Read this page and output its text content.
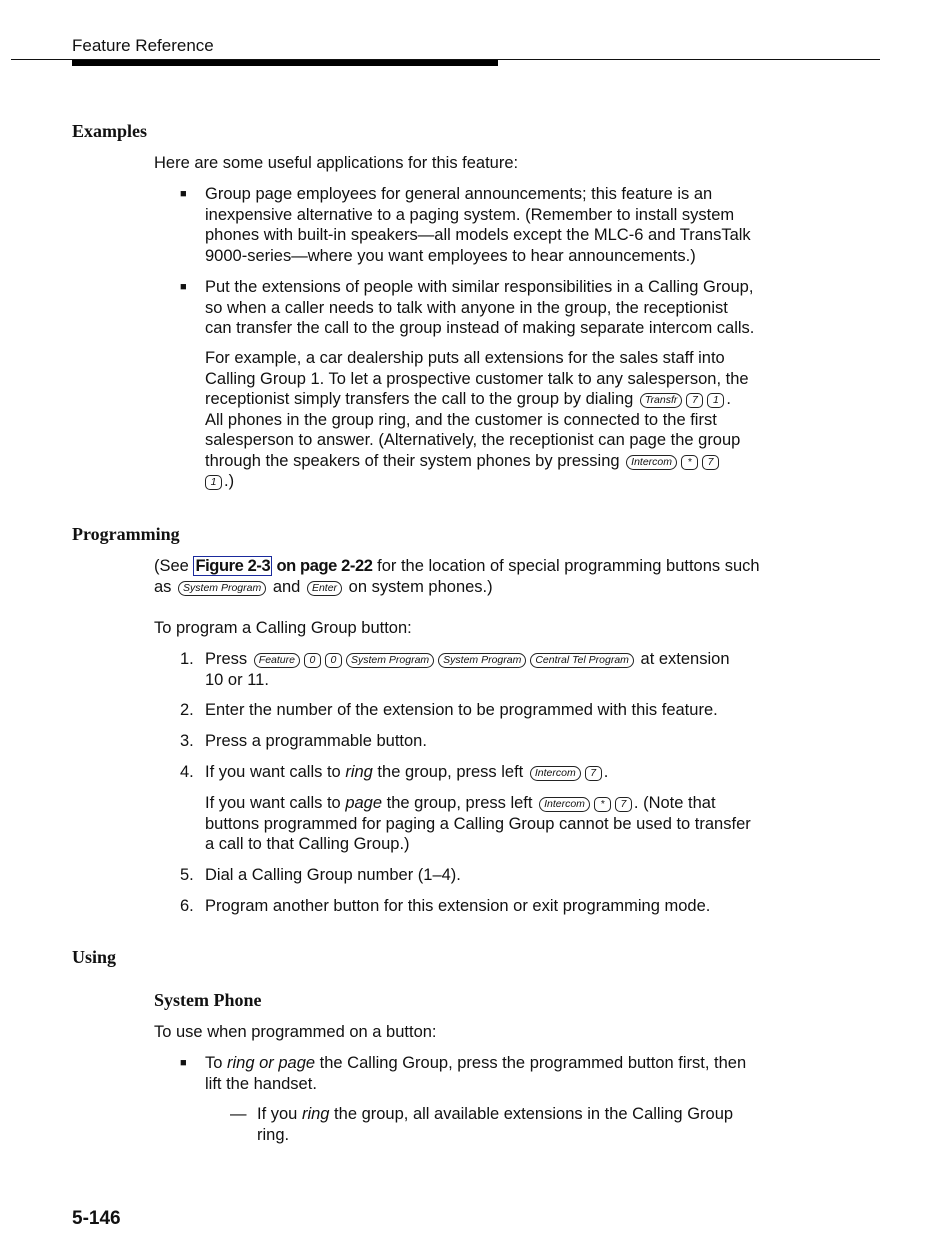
Feature Reference
Examples
Here are some useful applications for this feature:
■ Group page employees for general announcements; this feature is an
inexpensive alternative to a paging system. (Remember to install system
phones with built-in speakers—all models except the MLC-6 and TransTalk
9000-series—where you want employees to hear announcements.)
■ Put the extensions of people with similar responsibilities in a Calling Group,
so when a caller needs to talk with anyone in the group, the receptionist
can transfer the call to the group instead of making separate intercom calls.
For example, a car dealership puts all extensions for the sales staff into
Calling Group 1. To let a prospective customer talk to any salesperson, the
receptionist simply transfers the call to the group by dialing Transfr 7 1 .
All phones in the group ring, and the customer is connected to the first
salesperson to answer. (Alternatively, the receptionist can page the group
through the speakers of their system phones by pressing Intercom * 7
1 .)
Programming
(See Figure 2-3 on page 2-22 for the location of special programming buttons such
as System Program and Enter on system phones.)
To program a Calling Group button:
1. Press Feature 0 0 System Program System Program Central Tel Program at extension
10 or 11.
2. Enter the number of the extension to be programmed with this feature.
3. Press a programmable button.
4. If you want calls to ring the group, press left Intercom 7 .
If you want calls to page the group, press left Intercom * 7 . (Note that
buttons programmed for paging a Calling Group cannot be used to transfer
a call to that Calling Group.)
5. Dial a Calling Group number (1–4).
6. Program another button for this extension or exit programming mode.
Using
System Phone
To use when programmed on a button:
■ To ring or page the Calling Group, press the programmed button first, then
lift the handset.
— If you ring the group, all available extensions in the Calling Group
ring.
5-146
